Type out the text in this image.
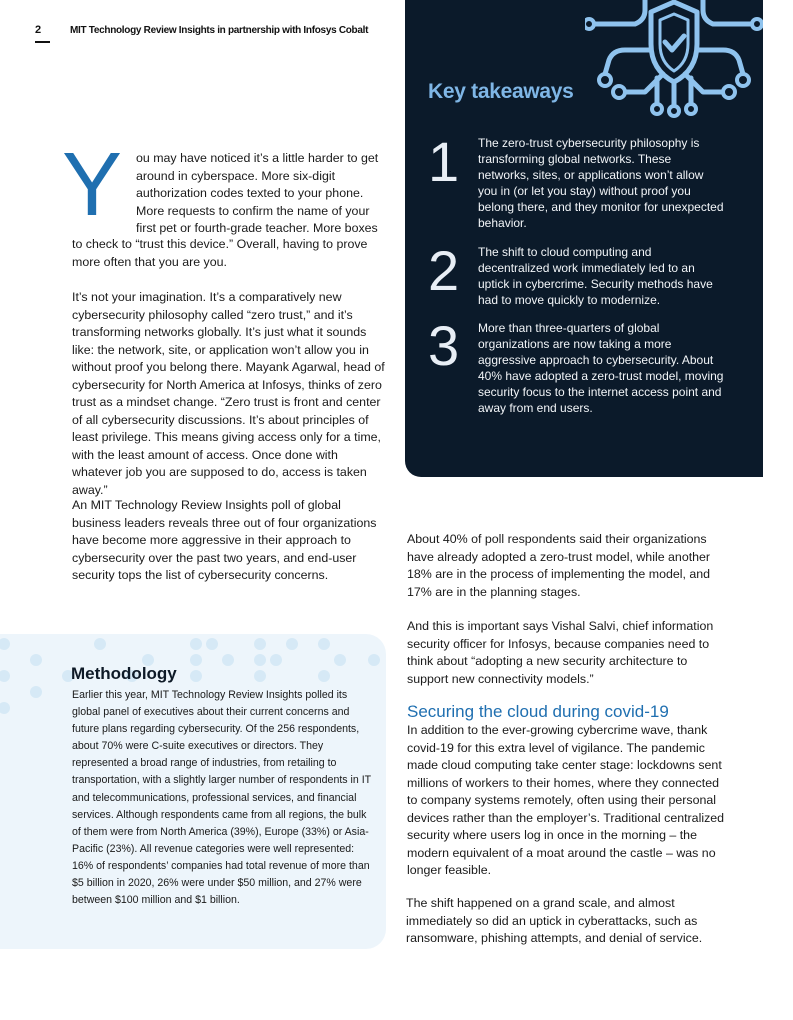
2	MIT Technology Review Insights in partnership with Infosys Cobalt
Key takeaways
1 The zero-trust cybersecurity philosophy is transforming global networks. These networks, sites, or applications won’t allow you in (or let you stay) without proof you belong there, and they monitor for unexpected behavior.
2 The shift to cloud computing and decentralized work immediately led to an uptick in cybercrime. Security methods have had to move quickly to modernize.
3 More than three-quarters of global organizations are now taking a more aggressive approach to cybersecurity. About 40% have adopted a zero-trust model, moving security focus to the internet access point and away from end users.
Y ou may have noticed it’s a little harder to get around in cyberspace. More six-digit authorization codes texted to your phone. More requests to confirm the name of your first pet or fourth-grade teacher. More boxes
to check to “trust this device.” Overall, having to prove more often that you are you.
It’s not your imagination. It’s a comparatively new cybersecurity philosophy called “zero trust,” and it’s transforming networks globally. It’s just what it sounds like: the network, site, or application won’t allow you in without proof you belong there. Mayank Agarwal, head of cybersecurity for North America at Infosys, thinks of zero trust as a mindset change. “Zero trust is front and center of all cybersecurity discussions. It’s about principles of least privilege. This means giving access only for a time, with the least amount of access. Once done with whatever job you are supposed to do, access is taken away.”
An MIT Technology Review Insights poll of global business leaders reveals three out of four organizations have become more aggressive in their approach to cybersecurity over the past two years, and end-user security tops the list of cybersecurity concerns.
Methodology
Earlier this year, MIT Technology Review Insights polled its global panel of executives about their current concerns and future plans regarding cybersecurity. Of the 256 respondents, about 70% were C-suite executives or directors. They represented a broad range of industries, from retailing to transportation, with a slightly larger number of respondents in IT and telecommunications, professional services, and financial services. Although respondents came from all regions, the bulk of them were from North America (39%), Europe (33%) or Asia-Pacific (23%). All revenue categories were well represented: 16% of respondents’ companies had total revenue of more than $5 billion in 2020, 26% were under $50 million, and 27% were between $100 million and $1 billion.
About 40% of poll respondents said their organizations have already adopted a zero-trust model, while another 18% are in the process of implementing the model, and 17% are in the planning stages.
And this is important says Vishal Salvi, chief information security officer for Infosys, because companies need to think about “adopting a new security architecture to support new connectivity models.”
Securing the cloud during covid-19
In addition to the ever-growing cybercrime wave, thank covid-19 for this extra level of vigilance. The pandemic made cloud computing take center stage: lockdowns sent millions of workers to their homes, where they connected to company systems remotely, often using their personal devices rather than the employer’s. Traditional centralized security where users log in once in the morning – the modern equivalent of a moat around the castle – was no longer feasible.
The shift happened on a grand scale, and almost immediately so did an uptick in cyberattacks, such as ransomware, phishing attempts, and denial of service.
